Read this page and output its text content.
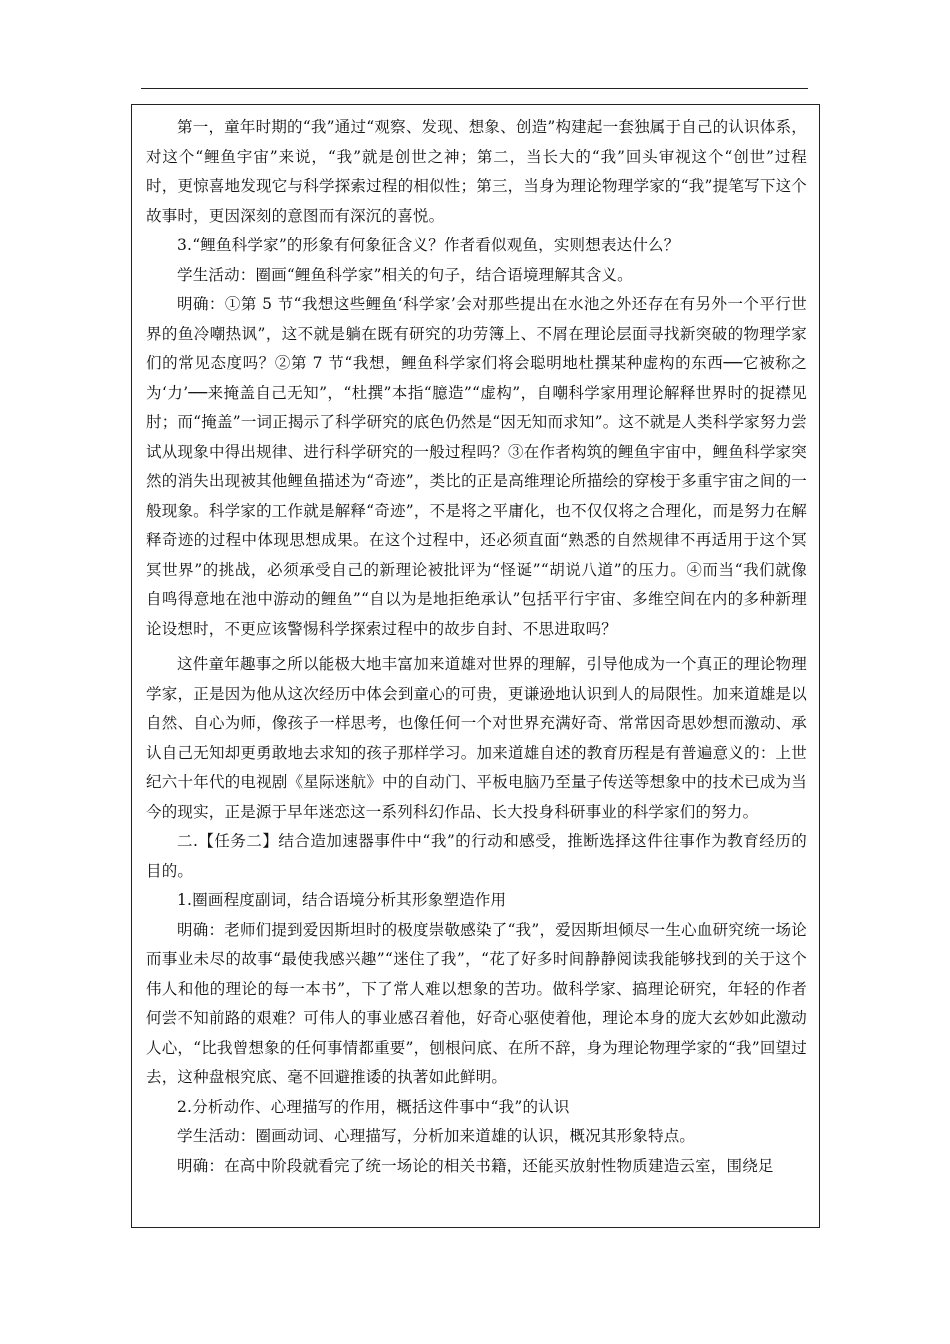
第一，童年时期的“我”通过“观察、发现、想象、创造”构建起一套独属于自己的认识体系，对这个“鲤鱼宇宙”来说，“我”就是创世之神；第二，当长大的“我”回头审视这个“创世”过程时，更惊喜地发现它与科学探索过程的相似性；第三，当身为理论物理学家的“我”提笔写下这个故事时，更因深刻的意图而有深沉的喜悦。

3.“鲤鱼科学家”的形象有何象征含义？作者看似观鱼，实则想表达什么？

学生活动：圈画“鲤鱼科学家”相关的句子，结合语境理解其含义。

明确：①第 5 节“我想这些鲤鱼‘科学家’会对那些提出在水池之外还存在有另外一个平行世界的鱼冷嘲热讽”，这不就是躺在既有研究的功劳簿上、不屑在理论层面寻找新突破的物理学家们的常见态度吗？②第 7 节“我想，鲤鱼科学家们将会聪明地杜撰某种虚构的东西──它被称之为‘力’──来掩盖自己无知”，“杜撰”本指“臆造”“虚构”，自嘲科学家用理论解释世界时的捉襟见肘；而“掩盖”一词正揭示了科学研究的底色仍然是“因无知而求知”。这不就是人类科学家努力尝试从现象中得出规律、进行科学研究的一般过程吗？③在作者构筑的鲤鱼宇宙中，鲤鱼科学家突然的消失出现被其他鲤鱼描述为“奇迹”，类比的正是高维理论所描绘的穿梭于多重宇宙之间的一般现象。科学家的工作就是解释“奇迹”，不是将之平庸化，也不仅仅将之合理化，而是努力在解释奇迹的过程中体现思想成果。在这个过程中，还必须直面“熟悉的自然规律不再适用于这个冥冥世界”的挑战，必须承受自己的新理论被批评为“怪诞”“胡说八道”的压力。④而当“我们就像自鸣得意地在池中游动的鲤鱼”“自以为是地拒绝承认”包括平行宇宙、多维空间在内的多种新理论设想时，不更应该警惕科学探索过程中的故步自封、不思进取吗？

这件童年趣事之所以能极大地丰富加来道雄对世界的理解，引导他成为一个真正的理论物理学家，正是因为他从这次经历中体会到童心的可贵，更谦逊地认识到人的局限性。加来道雄是以自然、自心为师，像孩子一样思考，也像任何一个对世界充满好奇、常常因奇思妙想而激动、承认自己无知却更勇敢地去求知的孩子那样学习。加来道雄自述的教育历程是有普遍意义的：上世纪六十年代的电视剧《星际迷航》中的自动门、平板电脑乃至量子传送等想象中的技术已成为当今的现实，正是源于早年迷恋这一系列科幻作品、长大投身科研事业的科学家们的努力。

二.【任务二】结合造加速器事件中“我”的行动和感受，推断选择这件往事作为教育经历的目的。

1.圈画程度副词，结合语境分析其形象塑造作用

明确：老师们提到爱因斯坦时的极度崇敬感染了“我”，爱因斯坦倾尽一生心血研究统一场论而事业未尽的故事“最使我感兴趣”“迷住了我”，“花了好多时间静静阅读我能够找到的关于这个伟人和他的理论的每一本书”，下了常人难以想象的苦功。做科学家、搞理论研究，年轻的作者何尝不知前路的艰难？可伟人的事业感召着他，好奇心驱使着他，理论本身的庞大玄妙如此激动人心，“比我曾想象的任何事情都重要”，刨根问底、在所不辞，身为理论物理学家的“我”回望过去，这种盘根究底、毫不回避推诿的执著如此鲜明。

2.分析动作、心理描写的作用，概括这件事中“我”的认识

学生活动：圈画动词、心理描写，分析加来道雄的认识，概况其形象特点。

明确：在高中阶段就看完了统一场论的相关书籍，还能买放射性物质建造云室，围绕足
